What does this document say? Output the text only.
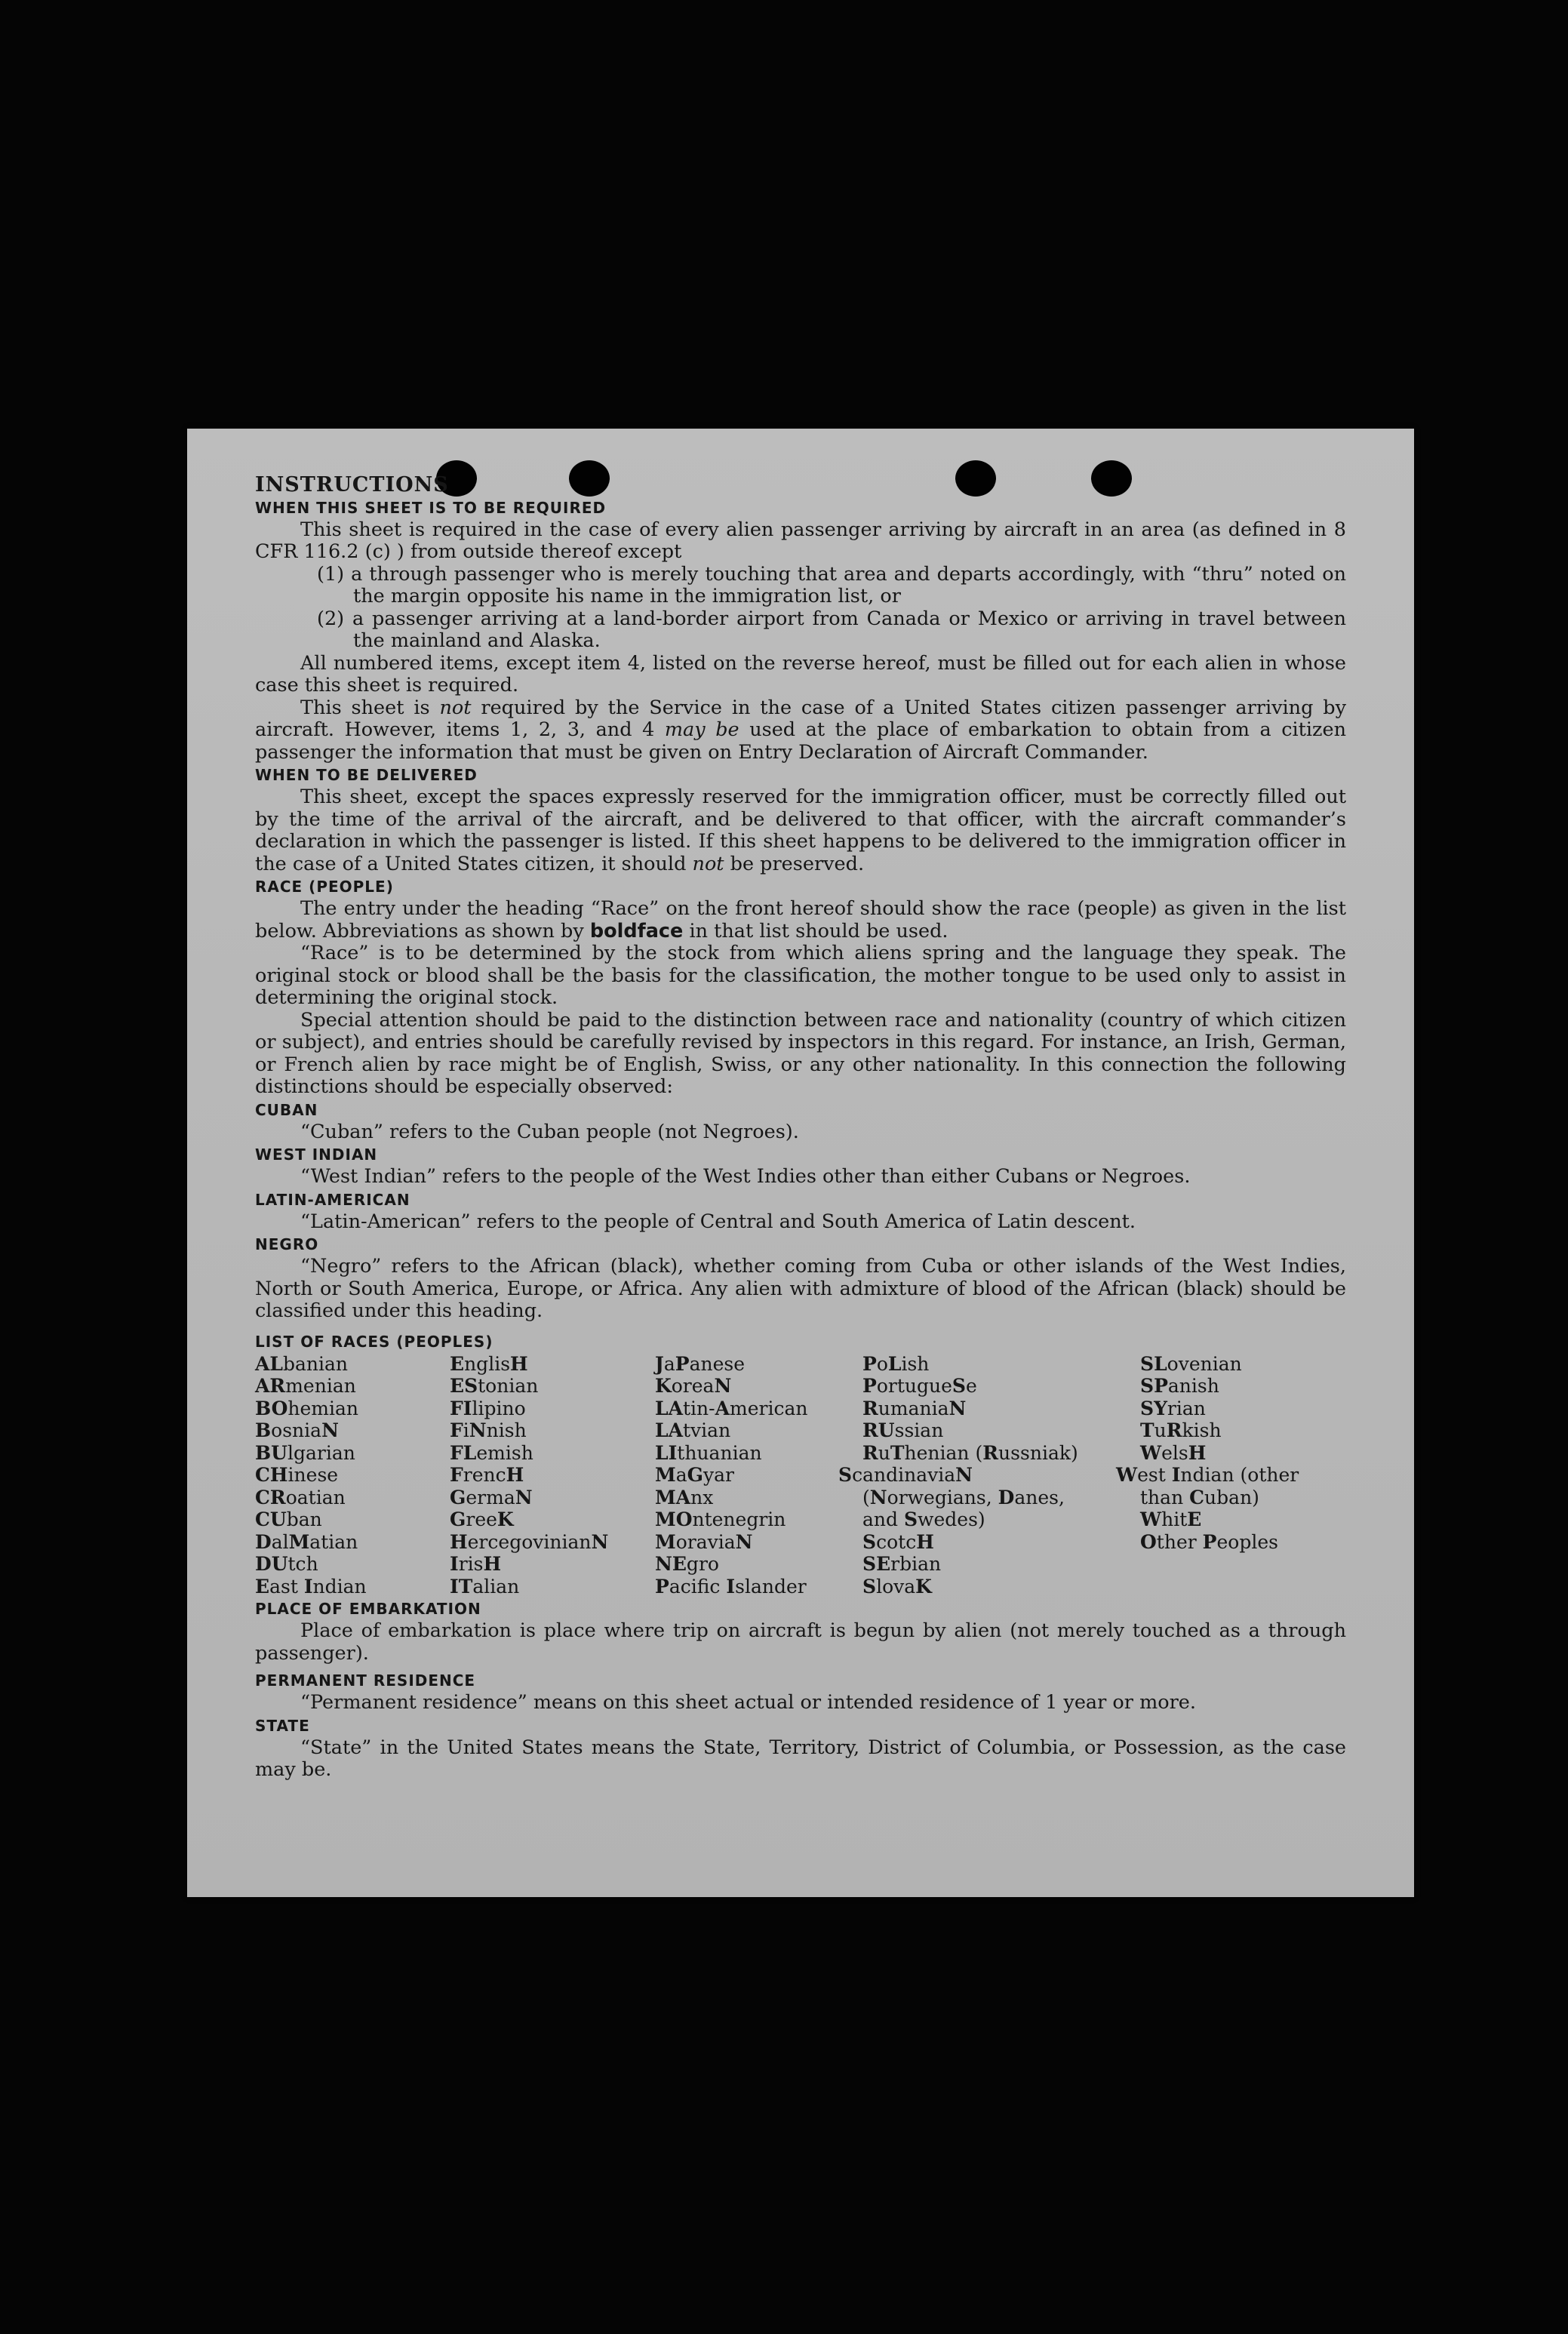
INSTRUCTIONS

WHEN THIS SHEET IS TO BE REQUIRED

This sheet is required in the case of every alien passenger arriving by aircraft in an area (as defined in 8 CFR 116.2 (c) ) from outside thereof except

(1) a through passenger who is merely touching that area and departs accordingly, with “thru” noted on the margin opposite his name in the immigration list, or

(2) a passenger arriving at a land-border airport from Canada or Mexico or arriving in travel between the mainland and Alaska.

All numbered items, except item 4, listed on the reverse hereof, must be filled out for each alien in whose case this sheet is required.

This sheet is not required by the Service in the case of a United States citizen passenger arriving by aircraft. However, items 1, 2, 3, and 4 may be used at the place of embarkation to obtain from a citizen passenger the information that must be given on Entry Declaration of Aircraft Commander.

WHEN TO BE DELIVERED

This sheet, except the spaces expressly reserved for the immigration officer, must be correctly filled out by the time of the arrival of the aircraft, and be delivered to that officer, with the aircraft commander’s declaration in which the passenger is listed. If this sheet happens to be delivered to the immigration officer in the case of a United States citizen, it should not be preserved.

RACE (PEOPLE)

The entry under the heading “Race” on the front hereof should show the race (people) as given in the list below. Abbreviations as shown by boldface in that list should be used.

“Race” is to be determined by the stock from which aliens spring and the language they speak. The original stock or blood shall be the basis for the classification, the mother tongue to be used only to assist in determining the original stock.

Special attention should be paid to the distinction between race and nationality (country of which citizen or subject), and entries should be carefully revised by inspectors in this regard. For instance, an Irish, German, or French alien by race might be of English, Swiss, or any other nationality. In this connection the following distinctions should be especially observed:

CUBAN

“Cuban” refers to the Cuban people (not Negroes).

WEST INDIAN

“West Indian” refers to the people of the West Indies other than either Cubans or Negroes.

LATIN-AMERICAN

“Latin-American” refers to the people of Central and South America of Latin descent.

NEGRO

“Negro” refers to the African (black), whether coming from Cuba or other islands of the West Indies, North or South America, Europe, or Africa. Any alien with admixture of blood of the African (black) should be classified under this heading.

LIST OF RACES (PEOPLES)

ALbanian
ARmenian
BOhemian
BosniaN
BUlgarian
CHinese
CRoatian
CUban
DalMatian
DUtch
East Indian
EnglisH
EStonian
FIlipino
FiNnish
FLemish
FrencH
GermaN
GreeK
HercegovinianN
IrisH
ITalian
JaPanese
KoreaN
LAtin-American
LAtvian
LIthuanian
MaGyar
MAnx
MOntenegrin
MoraviaN
NEgro
Pacifc Islander
PoLish
PortugueSe
RumaniaN
RUssian
RuThenian (Russniak)
ScandinaviaN (Norwegians, Danes, and Swedes)
ScotcH
SErbian
SlovaK
SLovenian
SPanish
SYrian
TuRkish
WelsH
West Indian (other than Cuban)
WhitE
Other Peoples

PLACE OF EMBARKATION

Place of embarkation is place where trip on aircraft is begun by alien (not merely touched as a through passenger).

PERMANENT RESIDENCE

“Permanent residence” means on this sheet actual or intended residence of 1 year or more.

STATE

“State” in the United States means the State, Territory, District of Columbia, or Possession, as the case may be.
